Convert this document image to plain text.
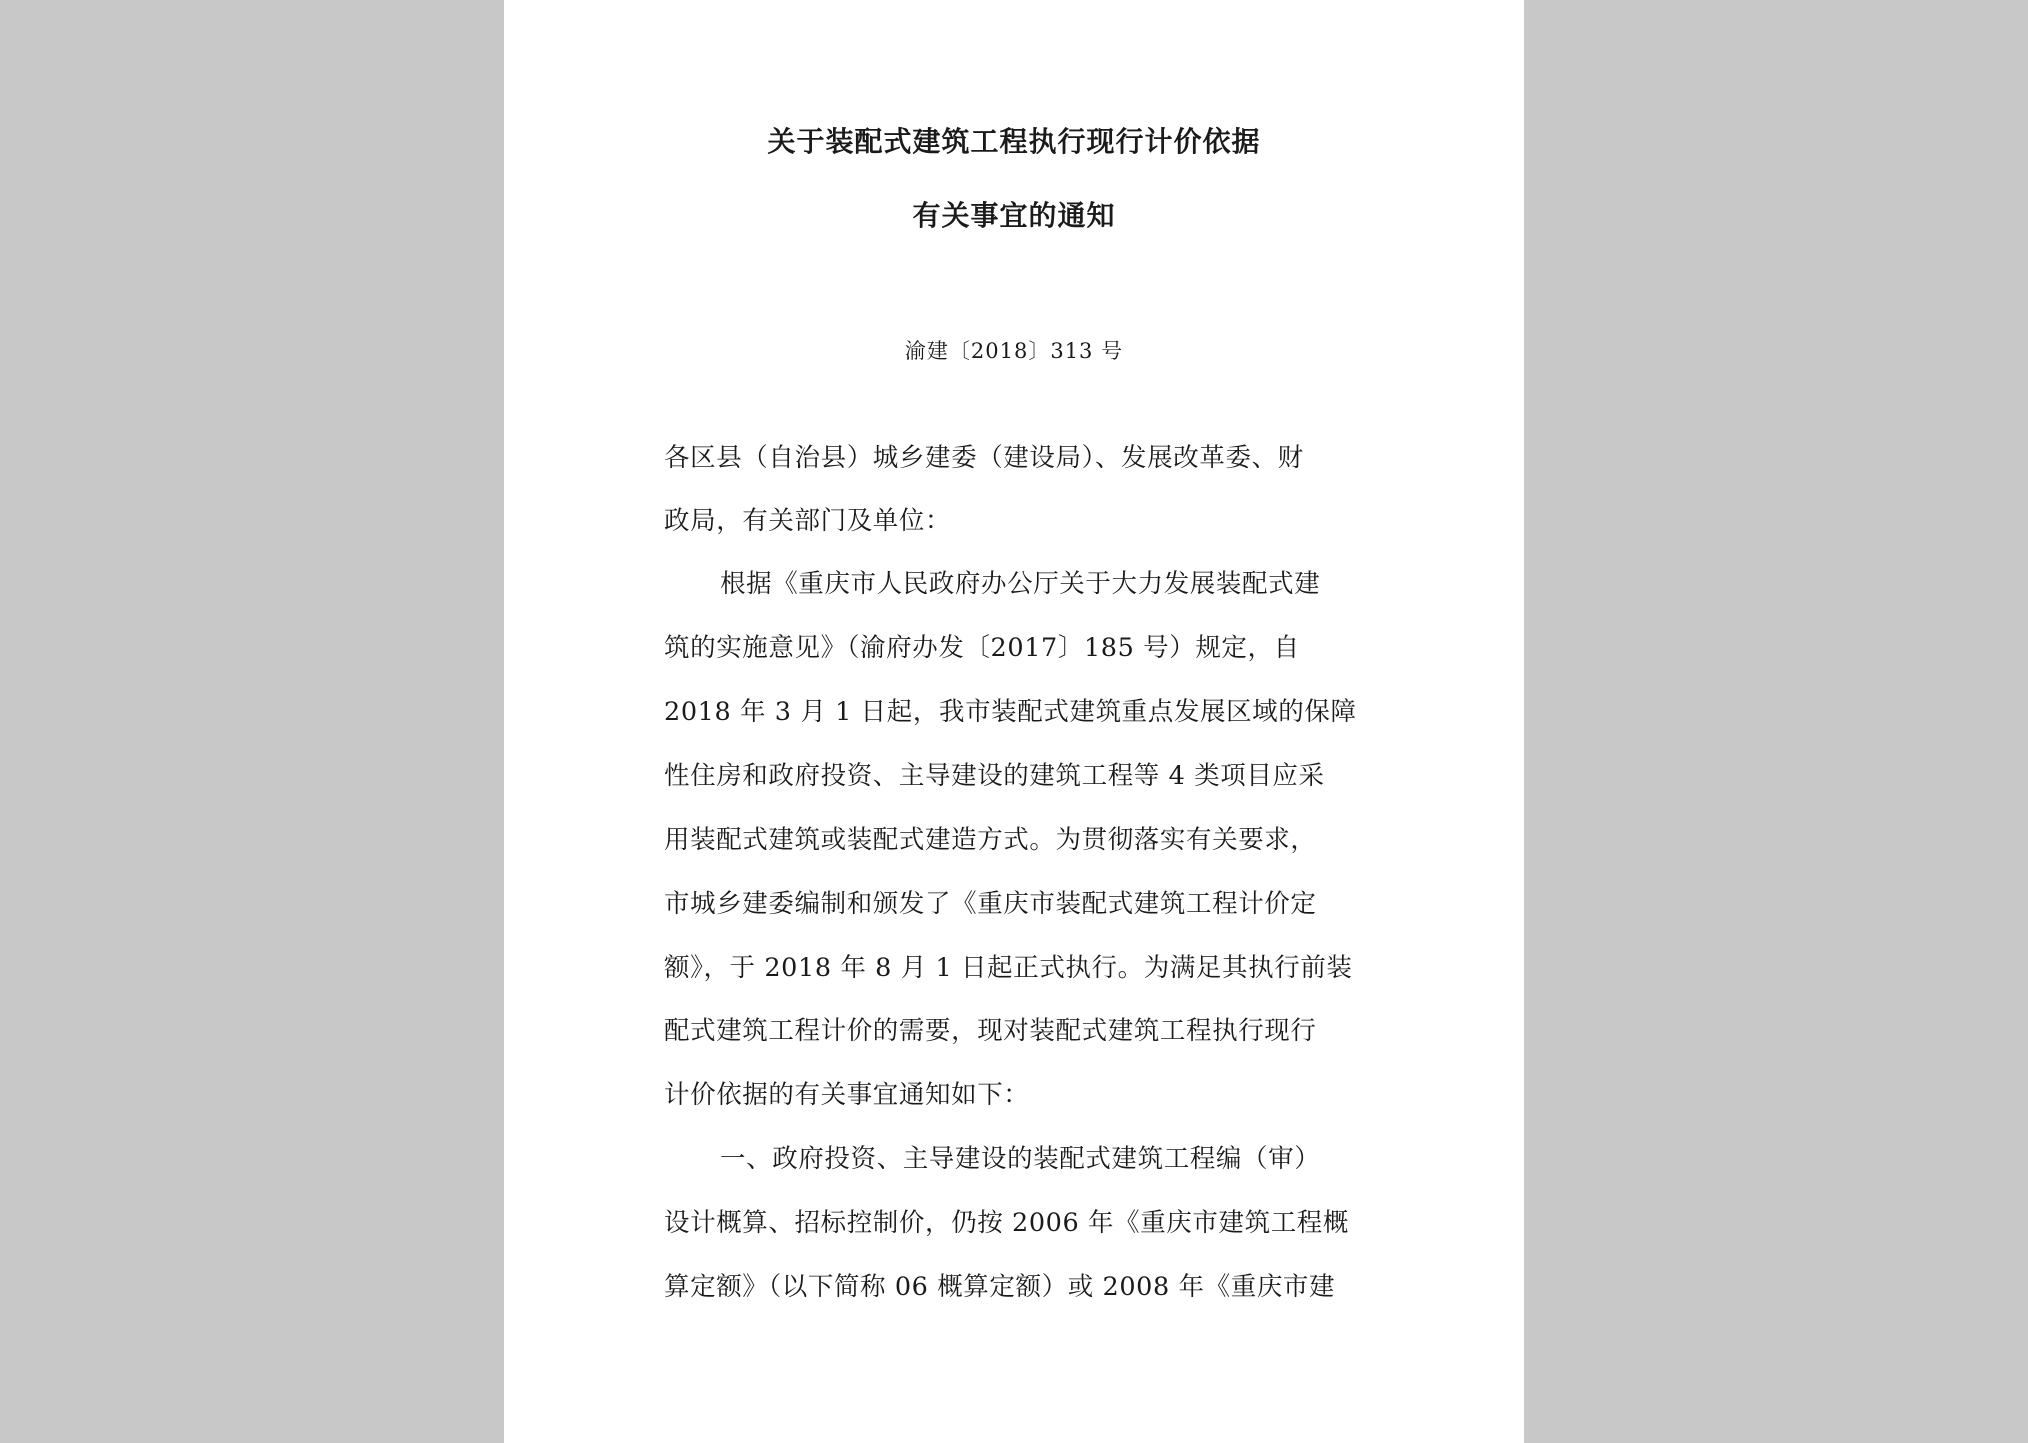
关于装配式建筑工程执行现行计价依据
有关事宜的通知
渝建〔2018〕313 号
各区县（自治县）城乡建委（建设局）、发展改革委、财
政局，有关部门及单位：
根据《重庆市人民政府办公厅关于大力发展装配式建
筑的实施意见》（渝府办发〔2017〕185 号）规定，自
2018 年 3 月 1 日起，我市装配式建筑重点发展区域的保障
性住房和政府投资、主导建设的建筑工程等 4 类项目应采
用装配式建筑或装配式建造方式。为贯彻落实有关要求，
市城乡建委编制和颁发了《重庆市装配式建筑工程计价定
额》，于 2018 年 8 月 1 日起正式执行。为满足其执行前装
配式建筑工程计价的需要，现对装配式建筑工程执行现行
计价依据的有关事宜通知如下：
一、政府投资、主导建设的装配式建筑工程编（审）
设计概算、招标控制价，仍按 2006 年《重庆市建筑工程概
算定额》（以下简称 06 概算定额）或 2008 年《重庆市建
